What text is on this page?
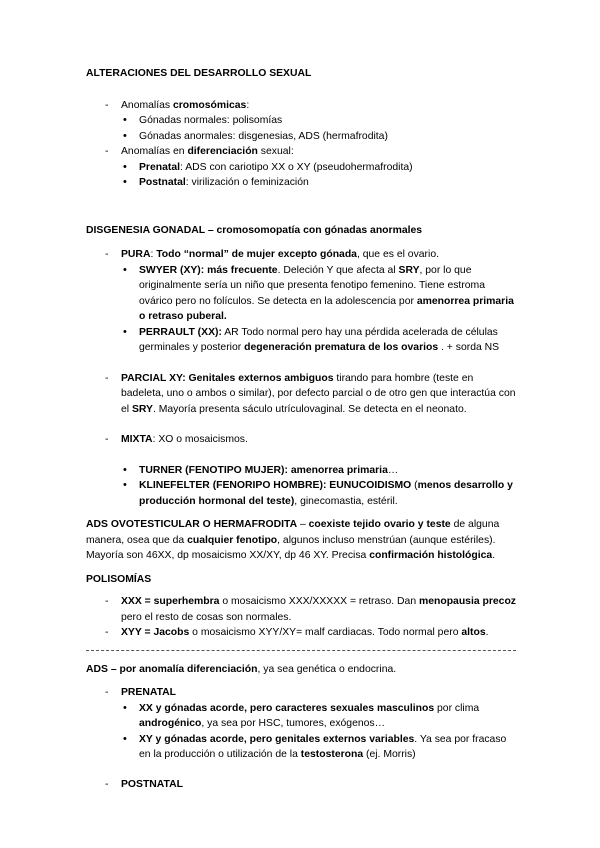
ALTERACIONES DEL DESARROLLO SEXUAL

- Anomalías cromosómicas:
• Gónadas normales: polisomías
• Gónadas anormales: disgenesias, ADS (hermafrodita)
- Anomalías en diferenciación sexual:
• Prenatal: ADS con cariotipo XX o XY (pseudohermafrodita)
• Postnatal: virilización o feminización

DISGENESIA GONADAL – cromosomopatía con gónadas anormales

- PURA: Todo “normal” de mujer excepto gónada, que es el ovario.
• SWYER (XY): más frecuente. Deleción Y que afecta al SRY, por lo que originalmente sería un niño que presenta fenotipo femenino. Tiene estroma ovárico pero no folículos. Se detecta en la adolescencia por amenorrea primaria o retraso puberal.
• PERRAULT (XX): AR Todo normal pero hay una pérdida acelerada de células germinales y posterior degeneración prematura de los ovarios . + sorda NS
- PARCIAL XY: Genitales externos ambiguos tirando para hombre (teste en badeleta, uno o ambos o similar), por defecto parcial o de otro gen que interactúa con el SRY. Mayoría presenta sáculo utrículovaginal. Se detecta en el neonato.
- MIXTA: XO o mosaicismos.
• TURNER (FENOTIPO MUJER): amenorrea primaria…
• KLINEFELTER (FENORIPO HOMBRE): EUNUCOIDISMO (menos desarrollo y producción hormonal del teste), ginecomastia, estéril.

ADS OVOTESTICULAR O HERMAFRODITA – coexiste tejido ovario y teste de alguna manera, osea que da cualquier fenotipo, algunos incluso menstrúan (aunque estériles). Mayoría son 46XX, dp mosaicismo XX/XY, dp 46 XY. Precisa confirmación histológica.

POLISOMÍAS

- XXX = superhembra o mosaicismo XXX/XXXXX = retraso. Dan menopausia precoz pero el resto de cosas son normales.
- XYY = Jacobs o mosaicismo XYY/XY= malf cardiacas. Todo normal pero altos.

ADS – por anomalía diferenciación, ya sea genética o endocrina.

- PRENATAL
• XX y gónadas acorde, pero caracteres sexuales masculinos por clima androgénico, ya sea por HSC, tumores, exógenos…
• XY y gónadas acorde, pero genitales externos variables. Ya sea por fracaso en la producción o utilización de la testosterona (ej. Morris)
- POSTNATAL
